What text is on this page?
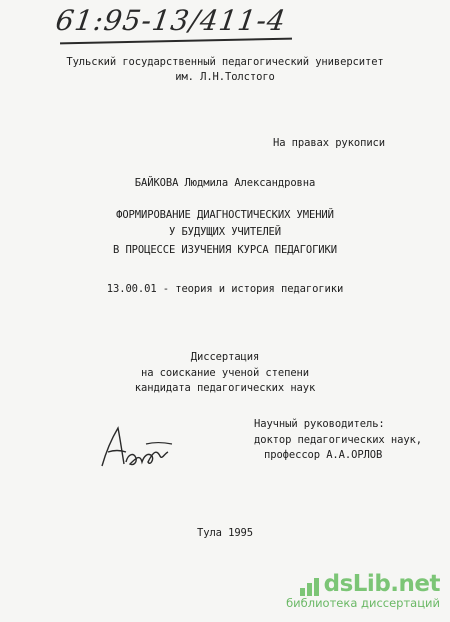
61:95-13/411-4
Тульский государственный педагогический университет
им. Л.Н.Толстого
На правах рукописи
БАЙКОВА Людмила Александровна
ФОРМИРОВАНИЕ ДИАГНОСТИЧЕСКИХ УМЕНИЙ
У БУДУЩИХ УЧИТЕЛЕЙ
В ПРОЦЕССЕ ИЗУЧЕНИЯ КУРСА ПЕДАГОГИКИ
13.00.01 - теория и история педагогики
Диссертация
на соискание ученой степени
кандидата педагогических наук
Научный руководитель:
доктор педагогических наук,
профессор А.А.ОРЛОВ
Тула 1995
dsLib.net
библиотека диссертаций
